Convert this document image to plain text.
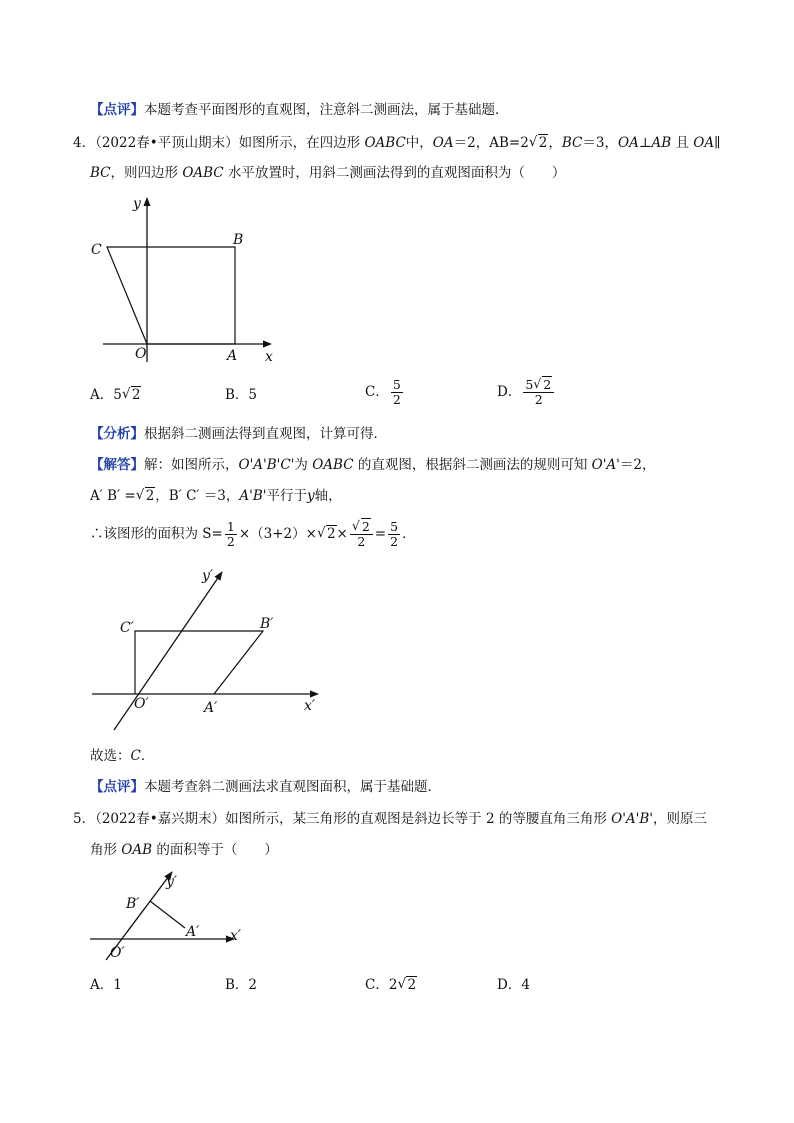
【点评】本题考查平面图形的直观图，注意斜二测画法，属于基础题．
4．（2022春•平顶山期末）如图所示，在四边形 OABC中，OA＝2，AB=2√ 2，BC＝3，OA⊥AB 且 OA∥
BC，则四边形 OABC 水平放置时，用斜二测画法得到的直观图面积为（　　）
y
x
C
B
O	A
A．5√ 2	B．5	C． $\frac{5}{2}$	D． $\frac{5√ 2}{2}$
【分析】根据斜二测画法得到直观图，计算可得．
【解答】解：如图所示，O'A'B'C'为 OABC 的直观图，根据斜二测画法的规则可知 O'A'＝2，
A′ B′ =√ 2，B′ C′ ＝3，A'B'平行于y轴，
∴该图形的面积为 $S= \frac{1}{2} \times(3+2)\times√$ 2×
√ $\frac{2}{2} = \frac{5}{2}$ ．
y′
x′
C′	B′
O′	A′
故选：C．
【点评】本题考查斜二测画法求直观图面积，属于基础题．
5．（2022春•嘉兴期末）如图所示，某三角形的直观图是斜边长等于 2 的等腰直角三角形 O'A'B'，则原三
角形 OAB 的面积等于（　　）
B′
y′
A′ x′
O′
A．1	B．2	C．2√ 2	D．4
